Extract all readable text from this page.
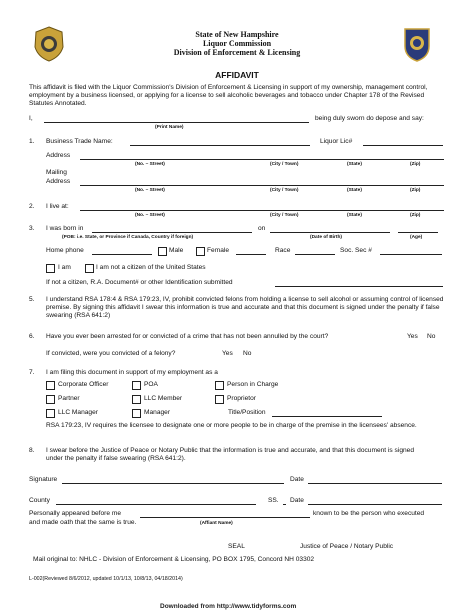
State of New Hampshire
Liquor Commission
Division of Enforcement & Licensing
AFFIDAVIT
This affidavit is filed with the Liquor Commission's Division of Enforcement & Licensing in support of my ownership, management control, employment by a business licensed, or applying for a license to sell alcoholic beverages and tobacco under Chapter 178 of the Revised Statutes Annotated.
I,	being duly sworn do depose and say:
(Print Name)
1. Business Trade Name:	Liquor Lic#
Address
(No. – Street)	(City / Town)	(State)	(Zip)
Mailing
Address
(No. – Street)	(City / Town)	(State)	(Zip)
2. I live at:
(No. – Street)	(City / Town)	(State)	(Zip)
3. I was born in	on
(POB: i.e. State, or Province if Canada, Country if foreign)	(Date of Birth)	(Age)
Home phone	Male	Female	Race	Soc. Sec #
I am	I am not a citizen of the United States
If not a citizen, R.A. Document# or other Identification submitted
5. I understand RSA 178:4 & RSA 179:23, IV, prohibit convicted felons from holding a license to sell alcohol or assuming control of licensed premise. By signing this affidavit I swear this information is true and accurate and that this document is signed under the penalty if false swearing (RSA 641:2)
6. Have you ever been arrested for or convicted of a crime that has not been annulled by the court?	Yes No
If convicted, were you convicted of a felony?	Yes No
7. I am filing this document in support of my employment as a
Corporate Officer	POA	Person in Charge
Partner	LLC Member	Proprietor
LLC Manager	Manager	Title/Position
RSA 179:23, IV requires the licensee to designate one or more people to be in charge of the premise in the licensees' absence.
8. I swear before the Justice of Peace or Notary Public that the information is true and accurate, and that this document is signed under the penalty if false swearing (RSA 641:2).
Signature	Date
County	SS. Date
Personally appeared before me	known to be the person who executed
and made oath that the same is true.	(Affiant Name)
SEAL	Justice of Peace / Notary Public
Mail original to: NHLC - Division of Enforcement & Licensing, PO BOX 1795, Concord NH 03302
L-002(Reviewed 8/6/2012, updated 10/1/13, 10/8/13, 04/18/2014)
Downloaded from http://www.tidyforms.com
